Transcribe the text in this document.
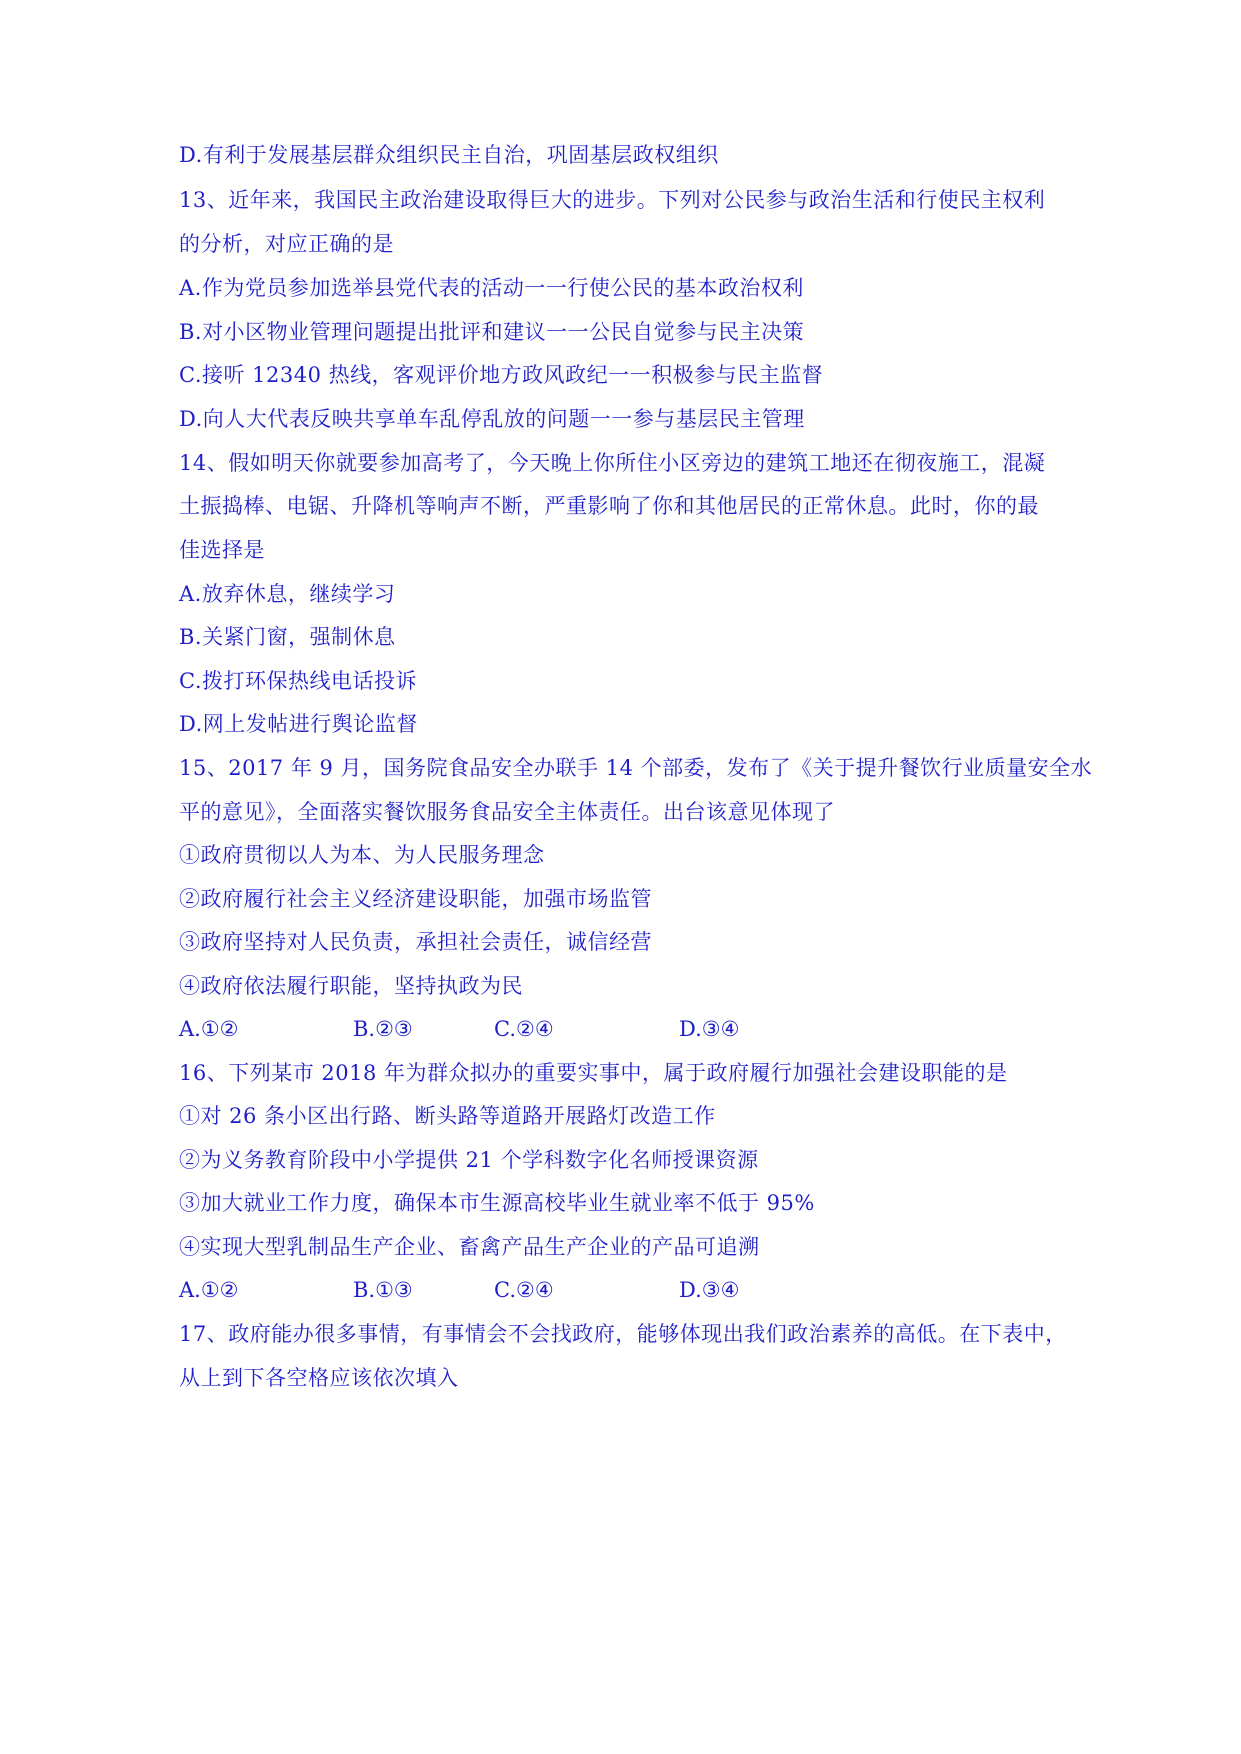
D.有利于发展基层群众组织民主自治，巩固基层政权组织
13、近年来，我国民主政治建设取得巨大的进步。下列对公民参与政治生活和行使民主权利
的分析，对应正确的是
A.作为党员参加选举县党代表的活动一一行使公民的基本政治权利
B.对小区物业管理问题提出批评和建议一一公民自觉参与民主决策
C.接听 12340 热线，客观评价地方政风政纪一一积极参与民主监督
D.向人大代表反映共享单车乱停乱放的问题一一参与基层民主管理
14、假如明天你就要参加高考了，今天晚上你所住小区旁边的建筑工地还在彻夜施工，混凝
土振捣棒、电锯、升降机等响声不断，严重影响了你和其他居民的正常休息。此时，你的最
佳选择是
A.放弃休息，继续学习
B.关紧门窗，强制休息
C.拨打环保热线电话投诉
D.网上发帖进行舆论监督
15、2017 年 9 月，国务院食品安全办联手 14 个部委，发布了《关于提升餐饮行业质量安全水
平的意见》，全面落实餐饮服务食品安全主体责任。出台该意见体现了
①政府贯彻以人为本、为人民服务理念
②政府履行社会主义经济建设职能，加强市场监管
③政府坚持对人民负责，承担社会责任，诚信经营
④政府依法履行职能，坚持执政为民
A.①②	B.②③	C.②④	D.③④
16、下列某市 2018 年为群众拟办的重要实事中，属于政府履行加强社会建设职能的是
①对 26 条小区出行路、断头路等道路开展路灯改造工作
②为义务教育阶段中小学提供 21 个学科数字化名师授课资源
③加大就业工作力度，确保本市生源高校毕业生就业率不低于 95%
④实现大型乳制品生产企业、畜禽产品生产企业的产品可追溯
A.①②	B.①③	C.②④	D.③④
17、政府能办很多事情，有事情会不会找政府，能够体现出我们政治素养的高低。在下表中，
从上到下各空格应该依次填入
